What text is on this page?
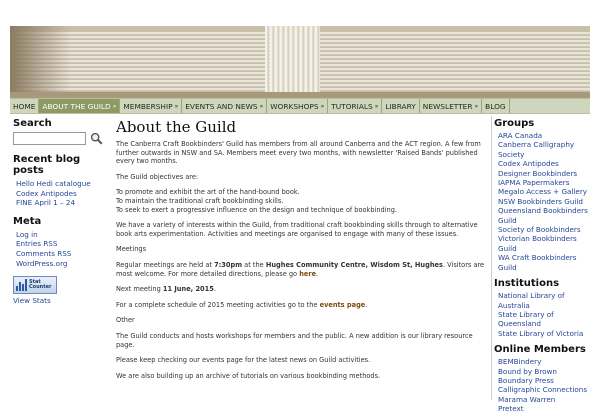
HOME ABOUT THE GUILD » MEMBERSHIP » EVENTS AND NEWS » WORKSHOPS » TUTORIALS » LIBRARY NEWSLETTER » BLOG
Search
Recent blog posts
Hello Hedi catalogue
Codex Antipodes
FINE April 1 – 24
Meta
Log in
Entries RSS
Comments RSS
WordPress.org
Stat
Counter
View Stats
About the Guild

The Canberra Craft Bookbinders' Guild has members from all around Canberra and the ACT region. A few from further outwards in NSW and SA. Members meet every two months, with newsletter 'Raised Bands' published every two months.

The Guild objectives are:

To promote and exhibit the art of the hand-bound book.
To maintain the traditional craft bookbinding skills.
To seek to exert a progressive influence on the design and technique of bookbinding.

We have a variety of interests within the Guild, from traditional craft bookbinding skills through to alternative book arts experimentation. Activities and meetings are organised to engage with many of these issues.

Meetings

Regular meetings are held at 7:30pm at the Hughes Community Centre, Wisdom St, Hughes. Visitors are most welcome. For more detailed directions, please go here.

Next meeting 11 June, 2015.

For a complete schedule of 2015 meeting activities go to the events page.

Other

The Guild conducts and hosts workshops for members and the public. A new addition is our library resource page.

Please keep checking our events page for the latest news on Guild activities.

We are also building up an archive of tutorials on various bookbinding methods.

Groups
ARA Canada
Canberra Calligraphy Society
Codex Antipodes
Designer Bookbinders
IAPMA Papermakers
Megalo Access + Gallery
NSW Bookbinders Guild
Queensland Bookbinders Guild
Society of Bookbinders
Victorian Bookbinders Guild
WA Craft Bookbinders Guild
Institutions
National Library of Australia
State Library of Queensland
State Library of Victoria
Online Members
BEMBindery
Bound by Brown
Boundary Press
Calligraphic Connections
Marama Warren
Pretext
